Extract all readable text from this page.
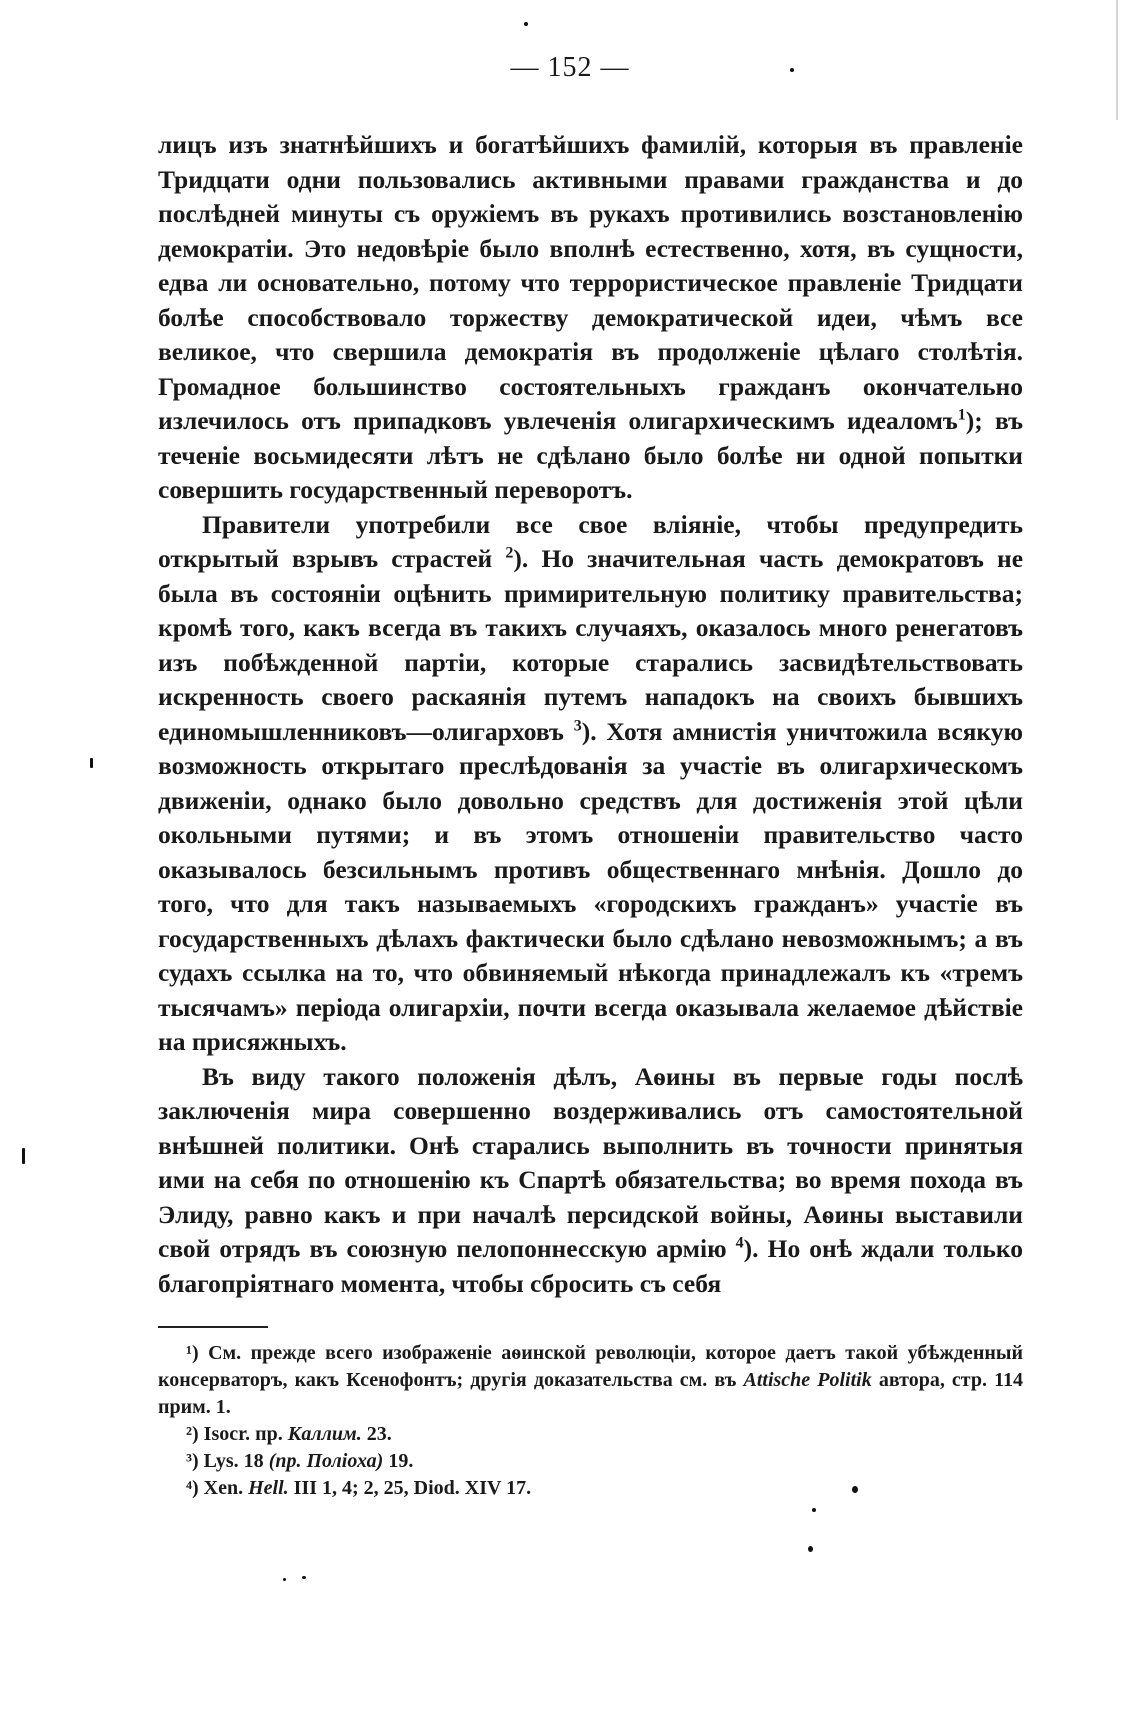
— 152 —

лицъ изъ знатнѣйшихъ и богатѣйшихъ фамилій, которыя въ правленіе Тридцати одни пользовались активными правами гражданства и до послѣдней минуты съ оружіемъ въ рукахъ противились возстановленію демократіи. Это недовѣріе было вполнѣ естественно, хотя, въ сущности, едва ли основательно, потому что террористическое правленіе Тридцати болѣе способствовало торжеству демократической идеи, чѣмъ все великое, что свершила демократія въ продолженіе цѣлаго столѣтія. Громадное большинство состоятельныхъ гражданъ окончательно излечилось отъ припадковъ увлеченія олигархическимъ идеаломъ$^1$); въ теченіе восьмидесяти лѣтъ не сдѣлано было болѣе ни одной попытки совершить государственный переворотъ.

Правители употребили все свое вліяніе, чтобы предупредить открытый взрывъ страстей $^2$). Но значительная часть демократовъ не была въ состояніи оцѣнить примирительную политику правительства; кромѣ того, какъ всегда въ такихъ случаяхъ, оказалось много ренегатовъ изъ побѣжденной партіи, которые старались засвидѣтельствовать искренность своего раскаянія путемъ нападокъ на своихъ бывшихъ единомышленниковъ—олигарховъ $^3$). Хотя амнистія уничтожила всякую возможность открытаго преслѣдованія за участіе въ олигархическомъ движеніи, однако было довольно средствъ для достиженія этой цѣли окольными путями; и въ этомъ отношеніи правительство часто оказывалось безсильнымъ противъ общественнаго мнѣнія. Дошло до того, что для такъ называемыхъ «городскихъ гражданъ» участіе въ государственныхъ дѣлахъ фактически было сдѣлано невозможнымъ; а въ судахъ ссылка на то, что обвиняемый нѣкогда принадлежалъ къ «тремъ тысячамъ» періода олигархіи, почти всегда оказывала желаемое дѣйствіе на присяжныхъ.

Въ виду такого положенія дѣлъ, Аѳины въ первые годы послѣ заключенія мира совершенно воздерживались отъ самостоятельной внѣшней политики. Онѣ старались выполнить въ точности принятыя ими на себя по отношенію къ Спартѣ обязательства; во время похода въ Элиду, равно какъ и при началѣ персидской войны, Аѳины выставили свой отрядъ въ союзную пелопоннесскую армію $^4$). Но онѣ ждали только благопріятнаго момента, чтобы сбросить съ себя

¹) См. прежде всего изображеніе аѳинской революціи, которое даетъ такой убѣжденный консерваторъ, какъ Ксенофонтъ; другія доказательства см. въ Attische Politik автора, стр. 114 прим. 1.

²) Isocr. пр. Каллим. 23.

³) Lys. 18 (пр. Поліоха) 19.

⁴) Xen. Hell. III 1, 4; 2, 25, Diod. XIV 17.
